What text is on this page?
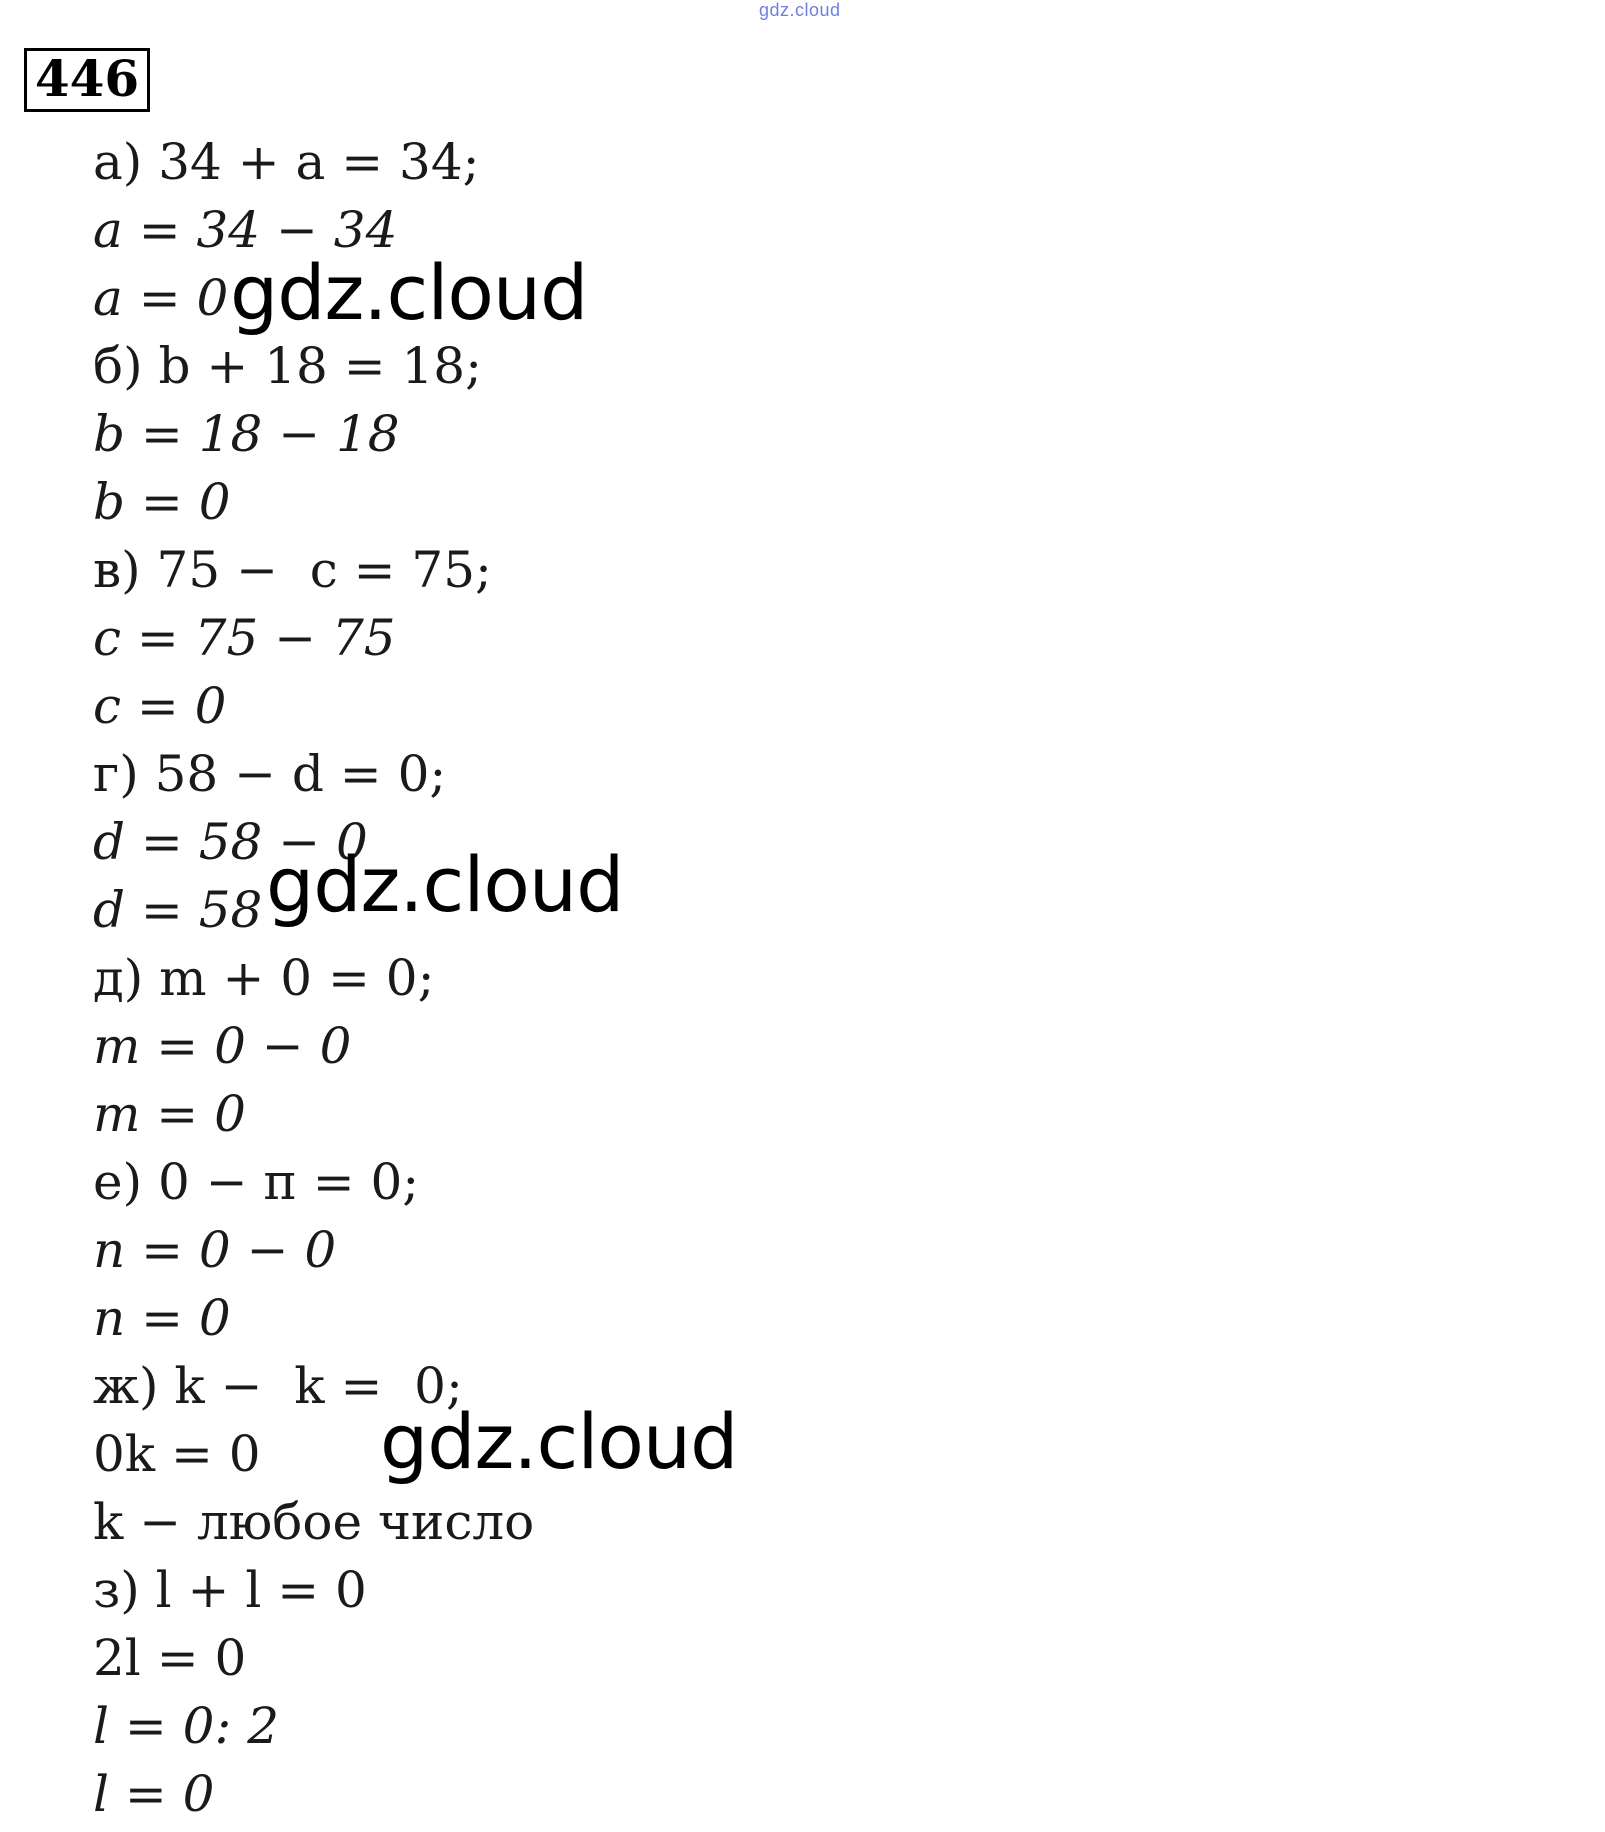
gdz.cloud
446
а) 34 + a = 34;
a = 34 − 34
a = 0
б) b + 18 = 18;
b = 18 − 18
b = 0
в) 75 −  c = 75;
c = 75 − 75
c = 0
г) 58 − d = 0;
d = 58 − 0
d = 58
д) m + 0 = 0;
m = 0 − 0
m = 0
е) 0 − п = 0;
n = 0 − 0
n = 0
ж) k −  k =  0;
0k = 0
k − любое число
з) l + l = 0
2l = 0
l = 0: 2
l = 0
gdz.cloud
gdz.cloud
gdz.cloud
